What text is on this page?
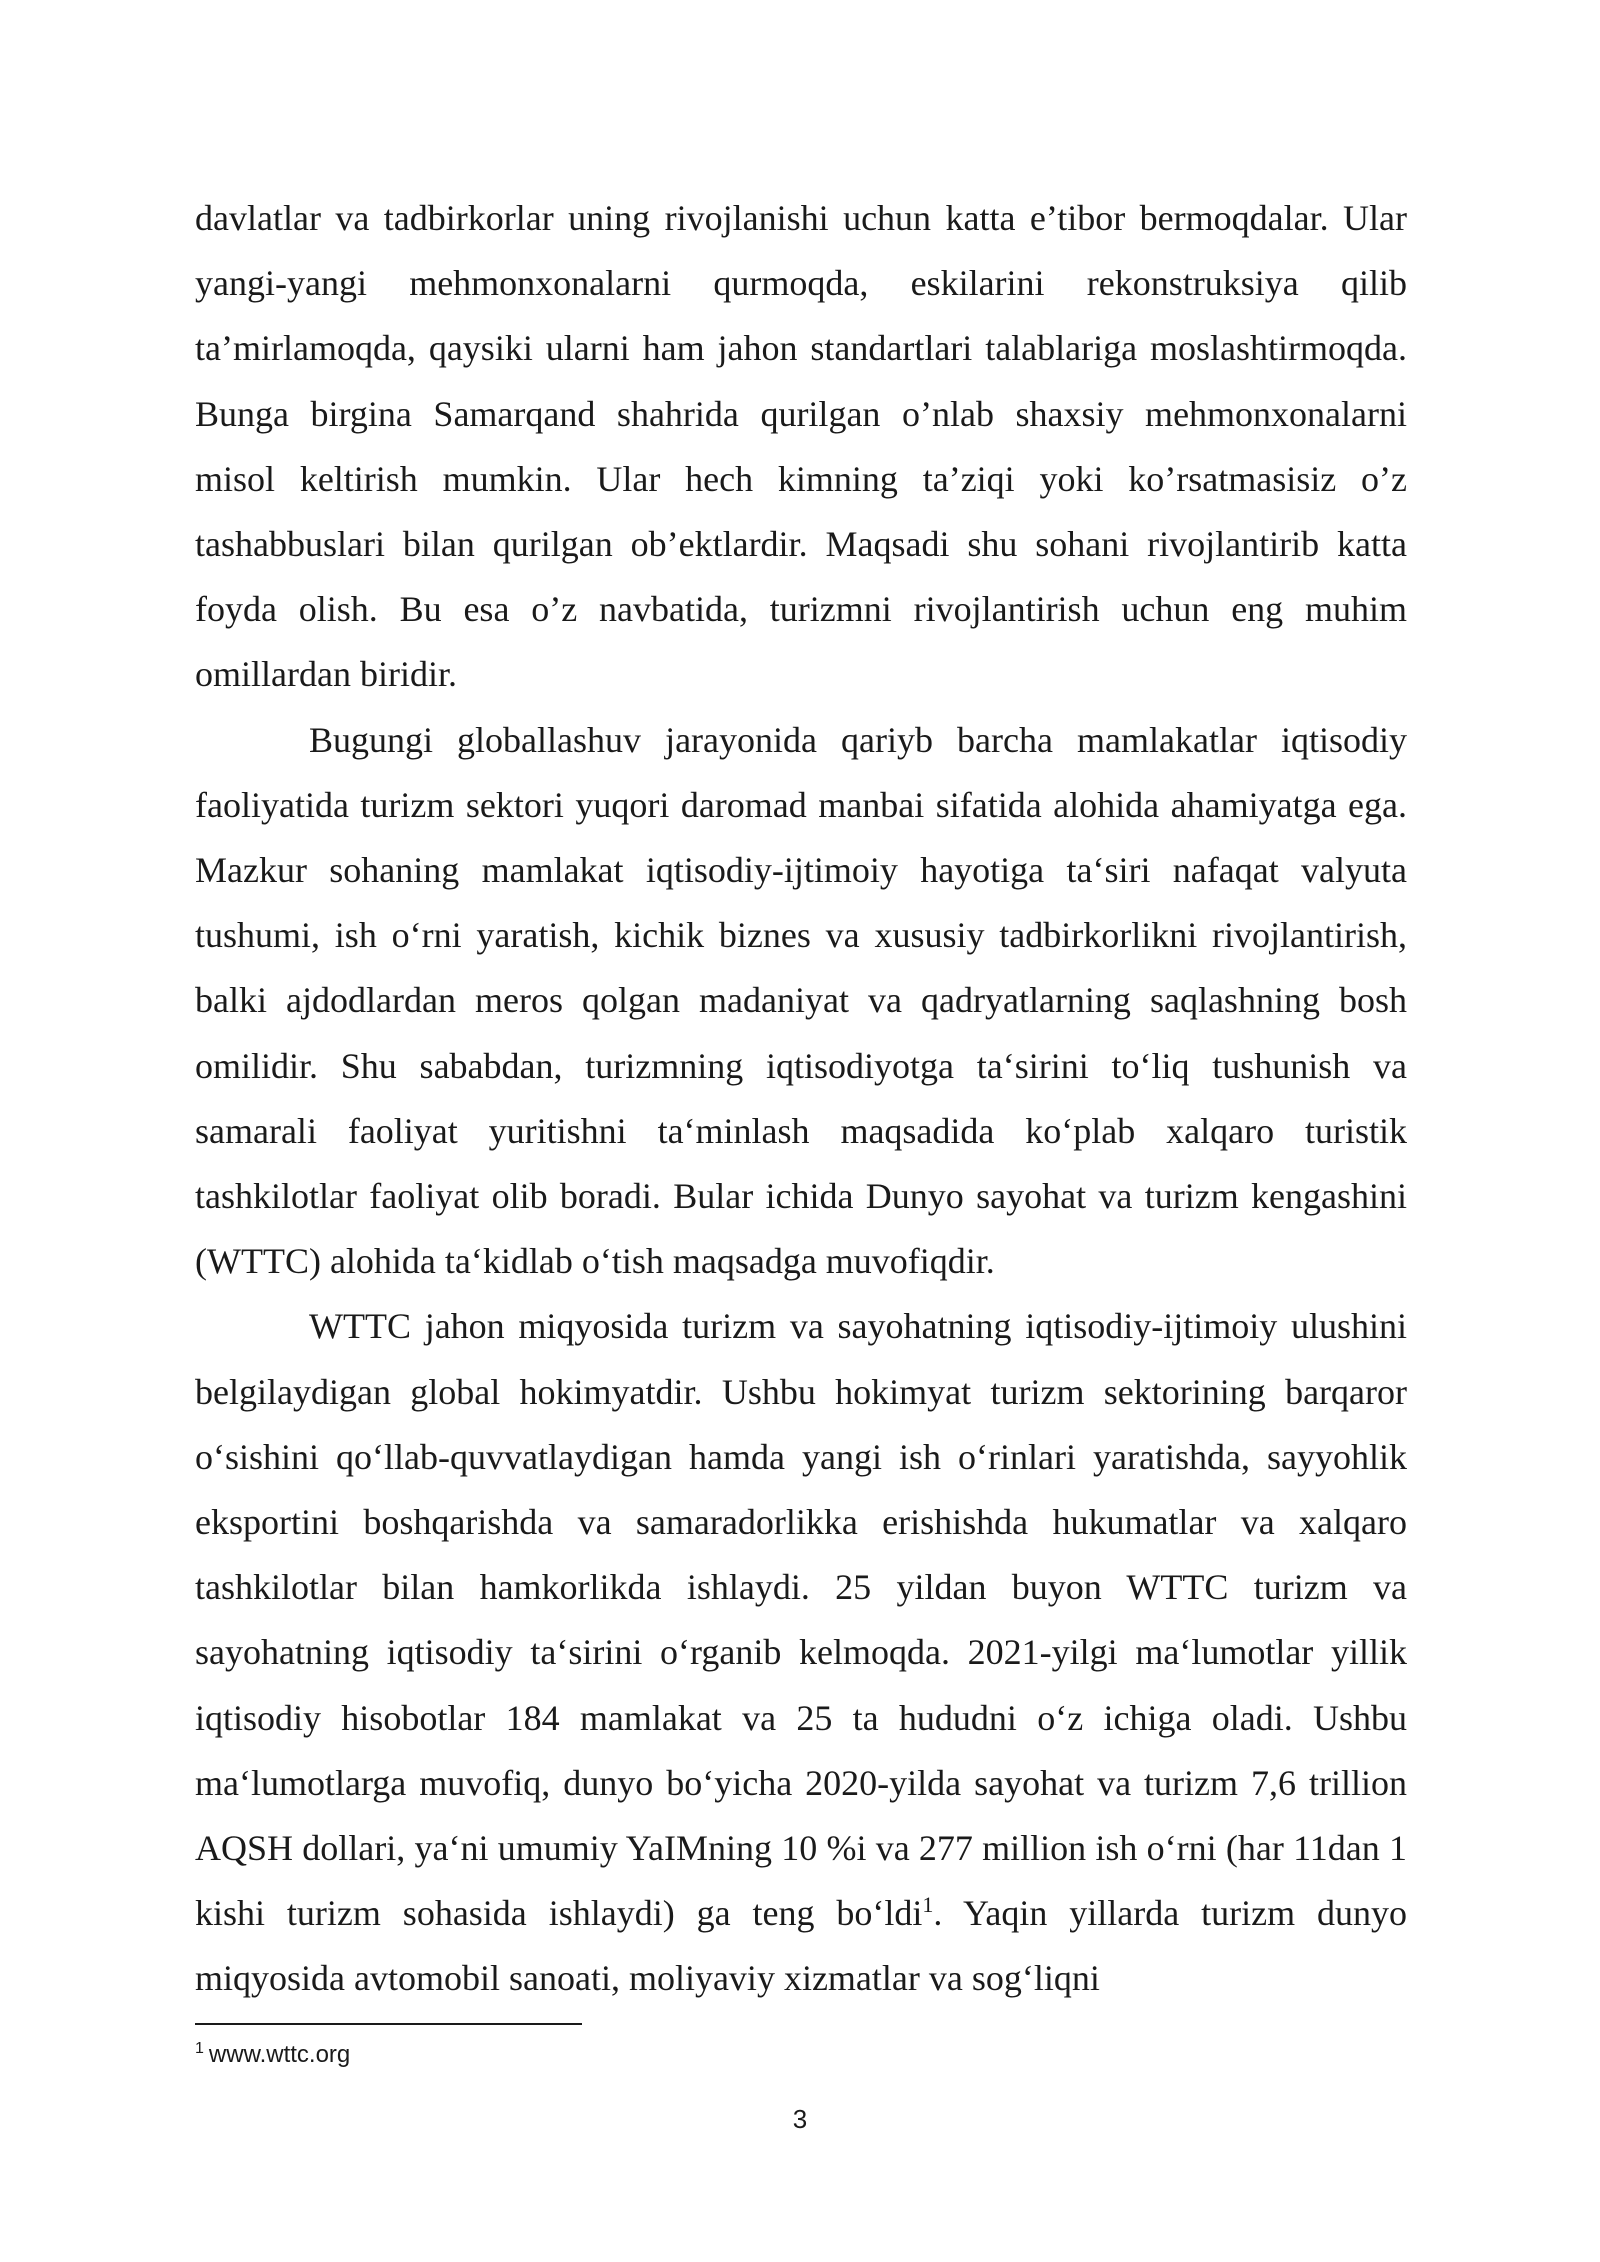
davlatlar va tadbirkorlar uning rivojlanishi uchun katta e’tibor bermoqdalar. Ular yangi-yangi mehmonxonalarni qurmoqda, eskilarini rekonstruksiya qilib ta’mirlamoqda, qaysiki ularni ham jahon standartlari talablariga moslashtirmoqda. Bunga birgina Samarqand shahrida qurilgan o’nlab shaxsiy mehmonxonalarni misol keltirish mumkin. Ular hech kimning ta’ziqi yoki ko’rsatmasisiz o’z tashabbuslari bilan qurilgan ob’ektlardir. Maqsadi shu sohani rivojlantirib katta foyda olish. Bu esa o’z navbatida, turizmni rivojlantirish uchun eng muhim omillardan biridir.

Bugungi globallashuv jarayonida qariyb barcha mamlakatlar iqtisodiy faoliyatida turizm sektori yuqori daromad manbai sifatida alohida ahamiyatga ega. Mazkur sohaning mamlakat iqtisodiy-ijtimoiy hayotiga ta‘siri nafaqat valyuta tushumi, ish o‘rni yaratish, kichik biznes va xususiy tadbirkorlikni rivojlantirish, balki ajdodlardan meros qolgan madaniyat va qadryatlarning saqlashning bosh omilidir. Shu sababdan, turizmning iqtisodiyotga ta‘sirini to‘liq tushunish va samarali faoliyat yuritishni ta‘minlash maqsadida ko‘plab xalqaro turistik tashkilotlar faoliyat olib boradi. Bular ichida Dunyo sayohat va turizm kengashini (WTTC) alohida ta‘kidlab o‘tish maqsadga muvofiqdir.

WTTC jahon miqyosida turizm va sayohatning iqtisodiy-ijtimoiy ulushini belgilaydigan global hokimyatdir. Ushbu hokimyat turizm sektorining barqaror o‘sishini qo‘llab-quvvatlaydigan hamda yangi ish o‘rinlari yaratishda, sayyohlik eksportini boshqarishda va samaradorlikka erishishda hukumatlar va xalqaro tashkilotlar bilan hamkorlikda ishlaydi. 25 yildan buyon WTTC turizm va sayohatning iqtisodiy ta‘sirini o‘rganib kelmoqda. 2021-yilgi ma‘lumotlar yillik iqtisodiy hisobotlar 184 mamlakat va 25 ta hududni o‘z ichiga oladi. Ushbu ma‘lumotlarga muvofiq, dunyo bo‘yicha 2020-yilda sayohat va turizm 7,6 trillion AQSH dollari, ya‘ni umumiy YaIMning 10 %i va 277 million ish o‘rni (har 11dan 1 kishi turizm sohasida ishlaydi) ga teng bo‘ldi$^1$. Yaqin yillarda turizm dunyo miqyosida avtomobil sanoati, moliyaviy xizmatlar va sog‘liqni

$^1$ www.wttc.org
3
